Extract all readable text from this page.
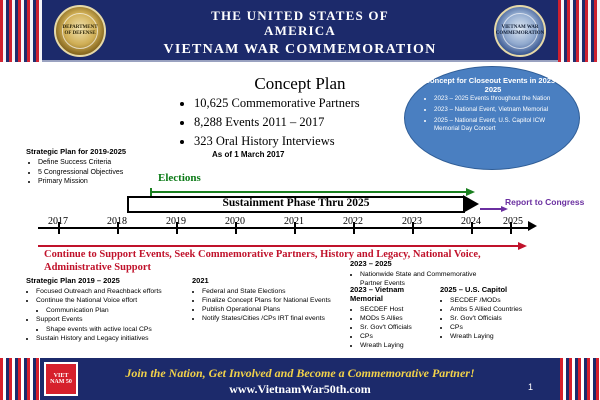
DEPARTMENT OF DEFENSE
VIETNAM WAR COMMEMORATION
THE UNITED STATES OF
AMERICA
VIETNAM WAR COMMEMORATION
Concept Plan
• 10,625 Commemorative Partners
• 8,288 Events 2011 – 2017
• 323 Oral History Interviews
As of 1 March 2017
Concept for Closeout Events in 2023 – 2025
• 2023 – 2025 Events throughout the Nation
• 2023 – National Event, Vietnam Memorial
• 2025 – National Event, U.S. Capitol ICW Memorial Day Concert
Strategic Plan for 2019-2025
• Define Success Criteria
• 5 Congressional Objectives
• Primary Mission	Elections
Sustainment Phase Thru 2025	Report to Congress
2017	2018	2019	2020	2021	2022	2023	2024	2025
Continue to Support Events, Seek Commemorative Partners, History and Legacy, National Voice, Administrative Support
Strategic Plan 2019 – 2025
• Focused Outreach and Reachback efforts
• Continue the National Voice effort
• Communication Plan
• Support Events
• Shape events with active local CPs
• Sustain History and Legacy initiatives
2021
• Federal and State Elections
• Finalize Concept Plans for National Events
• Publish Operational Plans
• Notify States/Cities /CPs IRT final events
2023 – 2025
• Nationwide State and Commemorative Partner Events
2023 – Vietnam Memorial
• SECDEF Host
• MODs 5 Allies
• Sr. Gov't Officials
• CPs
• Wreath Laying
2025 – U.S. Capitol
• SECDEF /MODs
• Ambs 5 Allied Countries
• Sr. Gov't Officials
• CPs
• Wreath Laying
VIET NAM 50
Join the Nation, Get Involved and Become a Commemorative Partner!
www.VietnamWar50th.com	1
